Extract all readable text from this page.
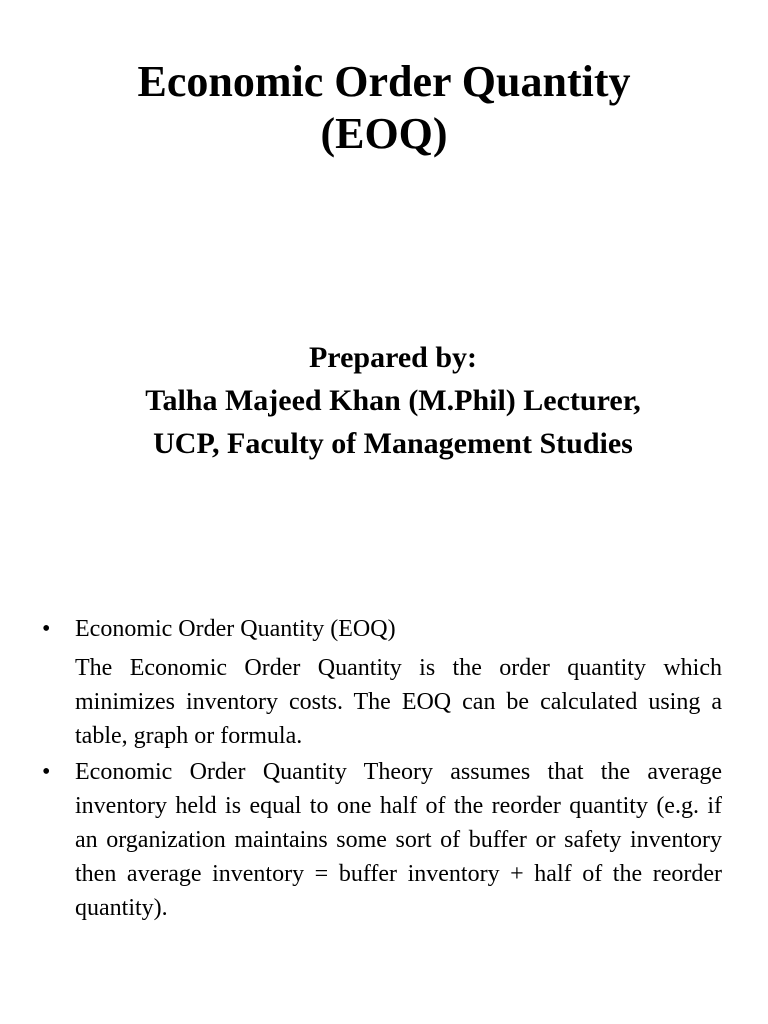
Economic Order Quantity
(EOQ)
Prepared by:
Talha Majeed Khan (M.Phil) Lecturer,
UCP, Faculty of Management Studies
•	Economic Order Quantity (EOQ)
The Economic Order Quantity is the order quantity which minimizes inventory costs. The EOQ can be calculated using a table, graph or formula.
•	Economic Order Quantity Theory assumes that the average inventory held is equal to one half of the reorder quantity (e.g. if an organization maintains some sort of buffer or safety inventory then average inventory = buffer inventory + half of the reorder quantity).
